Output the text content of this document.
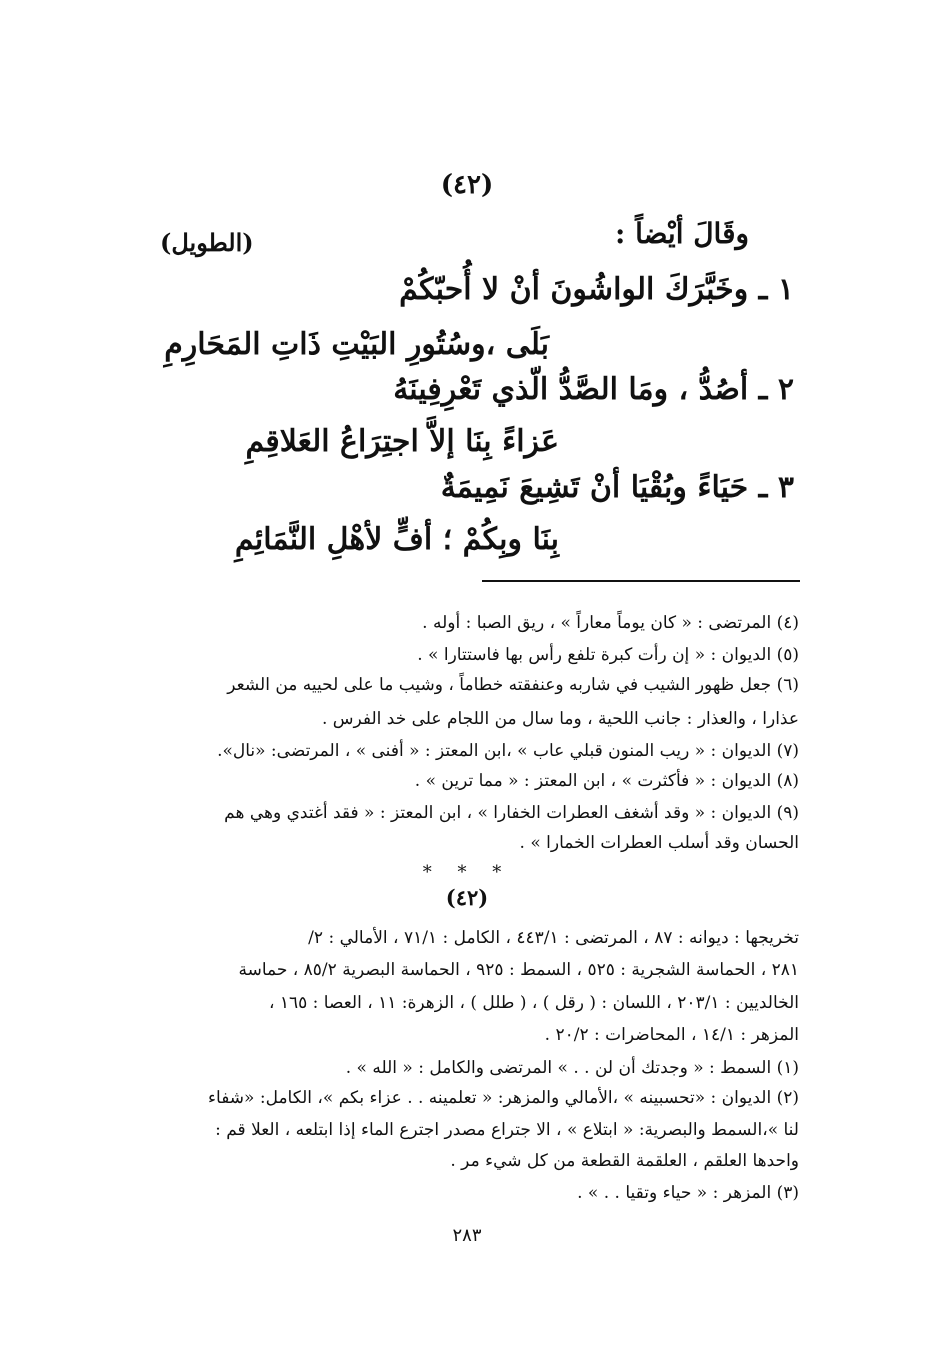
(٤٢)
وقَالَ أيْضاً :
(الطويل)
١ ـ وخَبَّرَكَ الواشُونَ أنْ لا أُحبّكُمْ
بَلَى ،وسُتُورِ البَيْتِ ذَاتِ المَحَارِمِ
٢ ـ أصُدُّ ، ومَا الصَّدُّ الّذي تَعْرِفِينَهُ
عَزاءً بِنَا إلاَّ اجتِرَاعُ العَلاقِمِ
٣ ـ حَيَاءً وبُقْيَا أنْ تَشِيعَ نَمِيمَةٌ
بِنَا وبِكُمْ ؛ أفٍّ لأهْلِ النَّمَائِمِ
(٤) المرتضى : « كان يوماً معاراً » ، ريق الصبا : أوله .
(٥) الديوان : « إن رأت كبرة تلفع رأس بها فاستتارا » .
(٦) جعل ظهور الشيب في شاربه وعنفقته خطاماً ، وشيب ما على لحييه من الشعر
عذارا ، والعذار : جانب اللحية ، وما سال من اللجام على خد الفرس .
(٧) الديوان : « ريب المنون قبلي عاب » ،ابن المعتز : « أفنى » ، المرتضى: «نال».
(٨) الديوان : « فأكثرت » ، ابن المعتز : « مما ترين » .
(٩) الديوان : « وقد أشغف العطرات الخفارا » ، ابن المعتز : « فقد أغتدي وهي هم
الحسان وقد أسلب العطرات الخمارا » .
* * *
(٤٢)
تخريجها : ديوانه : ٨٧ ، المرتضى : ٤٤٣/١ ، الكامل : ٧١/١ ، الأمالي : ٢/
٢٨١ ، الحماسة الشجرية : ٥٢٥ ، السمط : ٩٢٥ ، الحماسة البصرية ٨٥/٢ ، حماسة
الخالديين : ٢٠٣/١ ، اللسان : ( رقل ) ، ( طلل ) ، الزهرة: ١١ ، العصا : ١٦٥ ،
المزهر : ١٤/١ ، المحاضرات : ٢٠/٢ .
(١) السمط : « وجدتك أن لن . . » المرتضى والكامل : « الله » .
(٢) الديوان : «تحسبينه » ،الأمالي والمزهر: « تعلمينه . . عزاء بكم »، الكامل: «شفاء
لنا »،السمط والبصرية: « ابتلاع » ، الا جتراع مصدر اجترع الماء إذا ابتلعه ، العلا قم :
واحدها العلقم ، العلقمة القطعة من كل شيء مر .
(٣) المزهر : « حياء وتقيا . . » .
٢٨٣
